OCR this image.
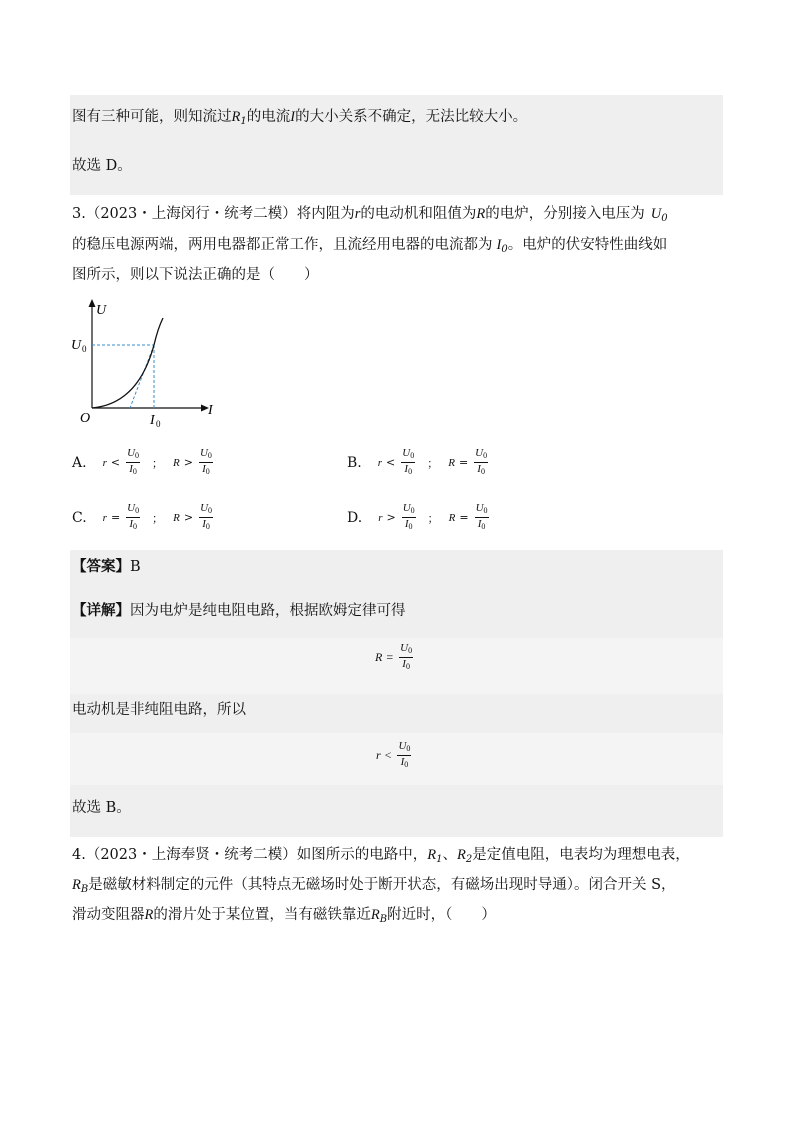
图有三种可能，则知流过$R_1$的电流I的大小关系不确定，无法比较大小。
故选 D。
3.（2023・上海闵行・统考二模）将内阻为r的电动机和阻值为R的电炉，分别接入电压为 $U_0$
的稳压电源两端，两用电器都正常工作，且流经用电器的电流都为 $I_0$。电炉的伏安特性曲线如
图所示，则以下说法正确的是（　　）
U
I
O
U 0
I 0
A. $r < \frac{U0}{I0}$ ； $R > \frac{U0}{I0}$	B. $r < \frac{U0}{I0}$ ； $R = \frac{U0}{I0}$
C. $r = \frac{U0}{I0}$ ； $R > \frac{U0}{I0}$	D. $r > \frac{U0}{I0}$ ； $R = \frac{U0}{I0}$
【答案】B
【详解】因为电炉是纯电阻电路，根据欧姆定律可得
$R = \frac{U0}{I0}$
电动机是非纯阻电路，所以
$r < \frac{U0}{I0}$
故选 B。
4.（2023・上海奉贤・统考二模）如图所示的电路中，$R_1$、$R_2$是定值电阻，电表均为理想电表，
$R_B$是磁敏材料制定的元件（其特点无磁场时处于断开状态，有磁场出现时导通）。闭合开关 S，
滑动变阻器R的滑片处于某位置，当有磁铁靠近$R_B$附近时，（　　）
